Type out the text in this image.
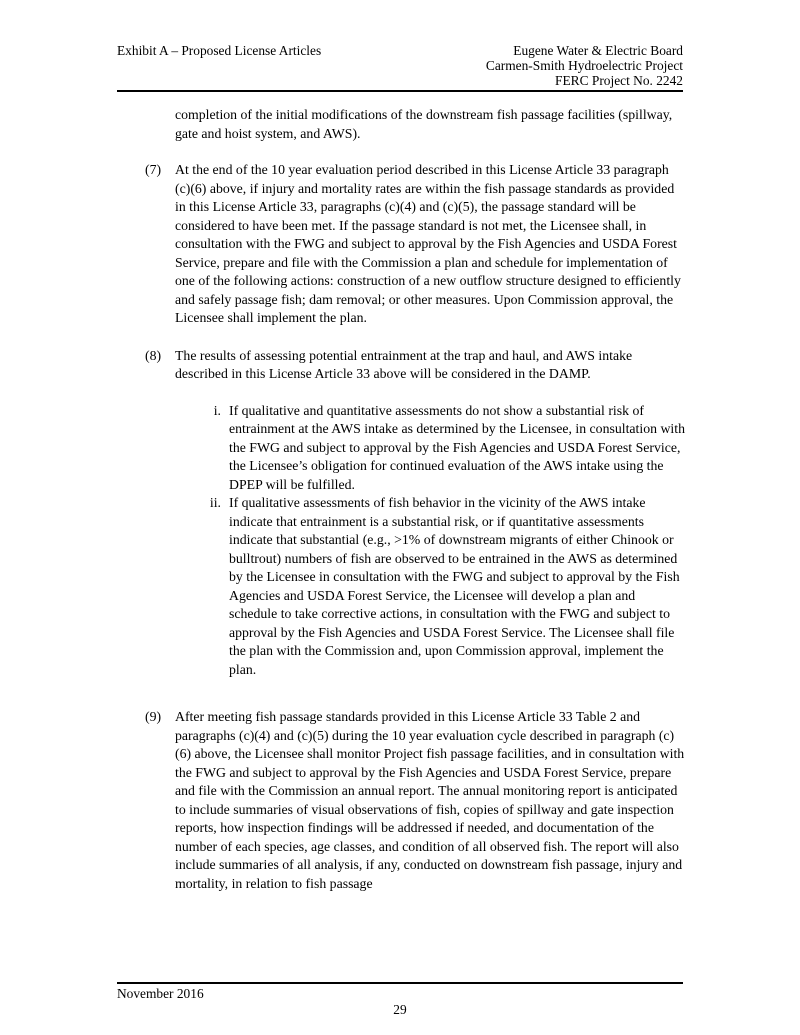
Exhibit A – Proposed License Articles	Eugene Water & Electric Board
Carmen-Smith Hydroelectric Project
FERC Project No. 2242

completion of the initial modifications of the downstream fish passage facilities (spillway, gate and hoist system, and AWS).

(7)	At the end of the 10 year evaluation period described in this License Article 33 paragraph (c)(6) above, if injury and mortality rates are within the fish passage standards as provided in this License Article 33, paragraphs (c)(4) and (c)(5), the passage standard will be considered to have been met. If the passage standard is not met, the Licensee shall, in consultation with the FWG and subject to approval by the Fish Agencies and USDA Forest Service, prepare and file with the Commission a plan and schedule for implementation of one of the following actions: construction of a new outflow structure designed to efficiently and safely passage fish; dam removal; or other measures. Upon Commission approval, the Licensee shall implement the plan.
(8)	The results of assessing potential entrainment at the trap and haul, and AWS intake described in this License Article 33 above will be considered in the DAMP.
i. If qualitative and quantitative assessments do not show a substantial risk of entrainment at the AWS intake as determined by the Licensee, in consultation with the FWG and subject to approval by the Fish Agencies and USDA Forest Service, the Licensee’s obligation for continued evaluation of the AWS intake using the DPEP will be fulfilled.
ii. If qualitative assessments of fish behavior in the vicinity of the AWS intake indicate that entrainment is a substantial risk, or if quantitative assessments indicate that substantial (e.g., >1% of downstream migrants of either Chinook or bulltrout) numbers of fish are observed to be entrained in the AWS as determined by the Licensee in consultation with the FWG and subject to approval by the Fish Agencies and USDA Forest Service, the Licensee will develop a plan and schedule to take corrective actions, in consultation with the FWG and subject to approval by the Fish Agencies and USDA Forest Service. The Licensee shall file the plan with the Commission and, upon Commission approval, implement the plan.
(9)	After meeting fish passage standards provided in this License Article 33 Table 2 and paragraphs (c)(4) and (c)(5) during the 10 year evaluation cycle described in paragraph (c)(6) above, the Licensee shall monitor Project fish passage facilities, and in consultation with the FWG and subject to approval by the Fish Agencies and USDA Forest Service, prepare and file with the Commission an annual report. The annual monitoring report is anticipated to include summaries of visual observations of fish, copies of spillway and gate inspection reports, how inspection findings will be addressed if needed, and documentation of the number of each species, age classes, and condition of all observed fish. The report will also include summaries of all analysis, if any, conducted on downstream fish passage, injury and mortality, in relation to fish passage
November 2016
29
